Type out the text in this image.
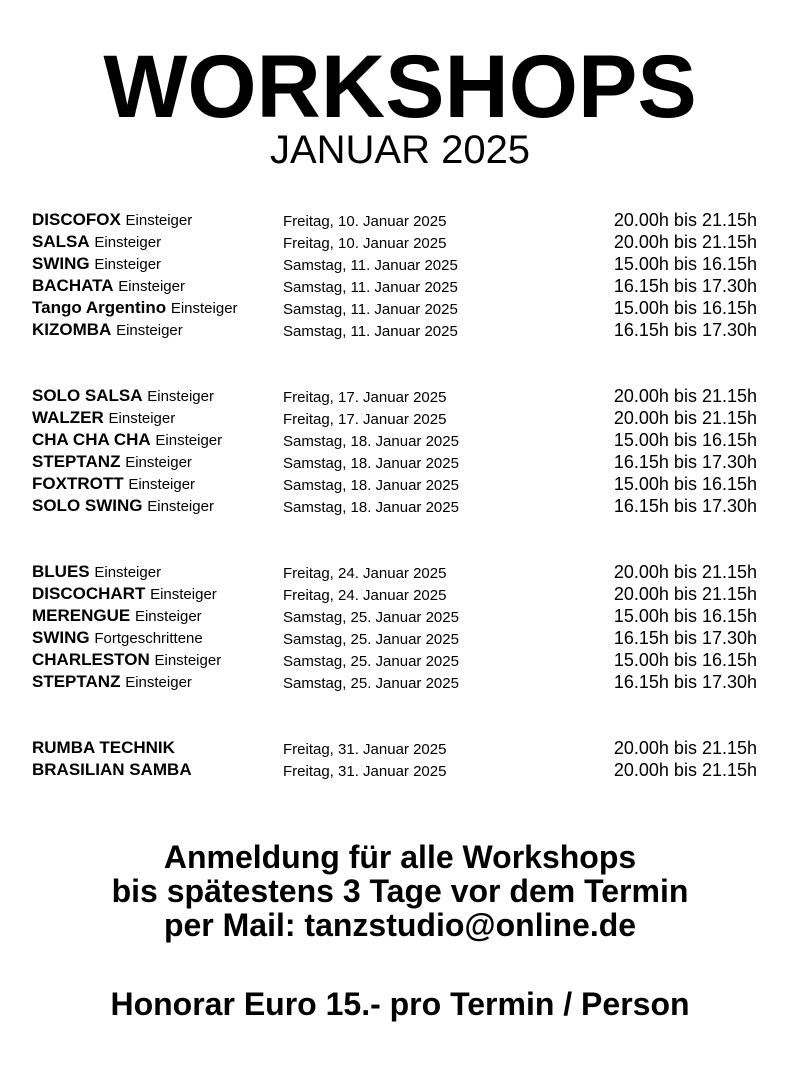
WORKSHOPS
JANUAR 2025
DISCOFOX Einsteiger	Freitag, 10. Januar 2025	20.00h bis 21.15h
SALSA Einsteiger	Freitag, 10. Januar 2025	20.00h bis 21.15h
SWING Einsteiger	Samstag, 11. Januar 2025	15.00h bis 16.15h
BACHATA Einsteiger	Samstag, 11. Januar 2025	16.15h bis 17.30h
Tango Argentino Einsteiger	Samstag, 11. Januar 2025	15.00h bis 16.15h
KIZOMBA Einsteiger	Samstag, 11. Januar 2025	16.15h bis 17.30h
SOLO SALSA Einsteiger	Freitag, 17. Januar 2025	20.00h bis 21.15h
WALZER Einsteiger	Freitag, 17. Januar 2025	20.00h bis 21.15h
CHA CHA CHA Einsteiger	Samstag, 18. Januar 2025	15.00h bis 16.15h
STEPTANZ Einsteiger	Samstag, 18. Januar 2025	16.15h bis 17.30h
FOXTROTT Einsteiger	Samstag, 18. Januar 2025	15.00h bis 16.15h
SOLO SWING Einsteiger	Samstag, 18. Januar 2025	16.15h bis 17.30h
BLUES Einsteiger	Freitag, 24. Januar 2025	20.00h bis 21.15h
DISCOCHART Einsteiger	Freitag, 24. Januar 2025	20.00h bis 21.15h
MERENGUE Einsteiger	Samstag, 25. Januar 2025	15.00h bis 16.15h
SWING Fortgeschrittene	Samstag, 25. Januar 2025	16.15h bis 17.30h
CHARLESTON Einsteiger	Samstag, 25. Januar 2025	15.00h bis 16.15h
STEPTANZ Einsteiger	Samstag, 25. Januar 2025	16.15h bis 17.30h
RUMBA TECHNIK	Freitag, 31. Januar 2025	20.00h bis 21.15h
BRASILIAN SAMBA	Freitag, 31. Januar 2025	20.00h bis 21.15h
Anmeldung für alle Workshops
bis spätestens 3 Tage vor dem Termin
per Mail: tanzstudio@online.de
Honorar Euro 15.- pro Termin / Person
